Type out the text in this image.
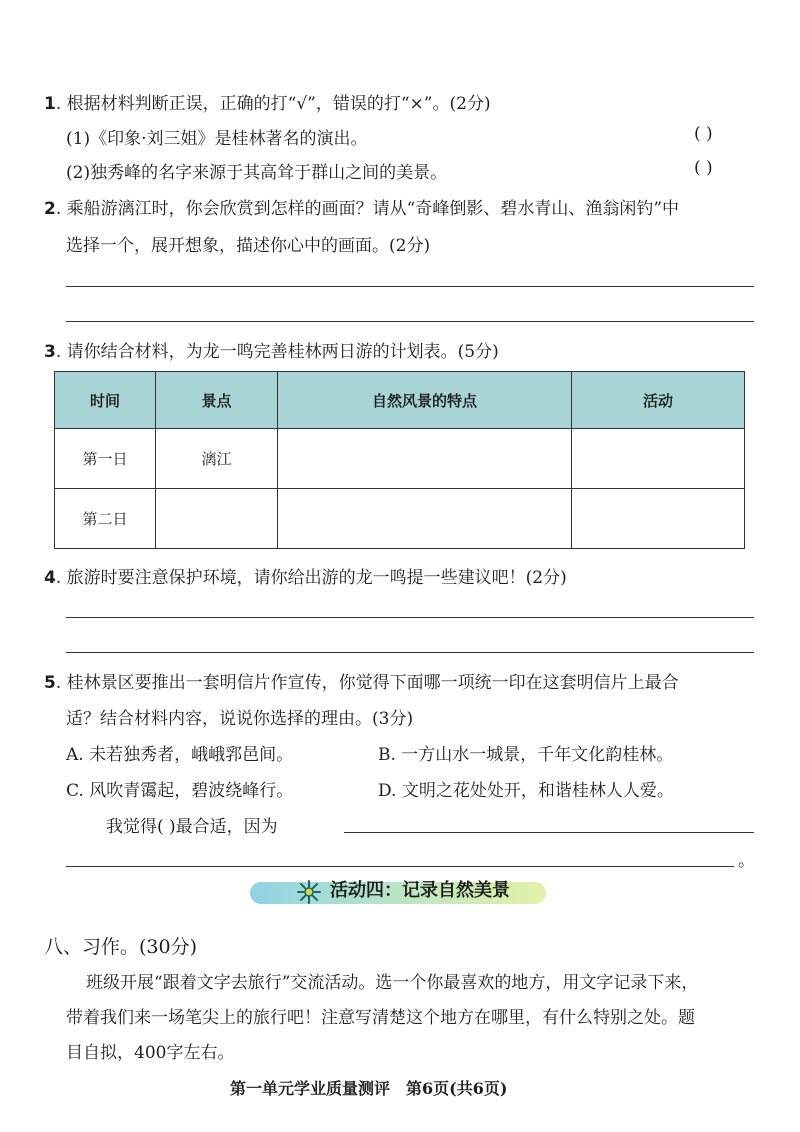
1. 根据材料判断正误，正确的打“√”，错误的打“×”。(2分)
(1)《印象·刘三姐》是桂林著名的演出。	( )
(2)独秀峰的名字来源于其高耸于群山之间的美景。	( )
2. 乘船游漓江时，你会欣赏到怎样的画面？请从“奇峰倒影、碧水青山、渔翁闲钓”中
选择一个，展开想象，描述你心中的画面。(2分)
3. 请你结合材料，为龙一鸣完善桂林两日游的计划表。(5分)
时间	景点	自然风景的特点	活动
第一日	漓江		
第二日			
4. 旅游时要注意保护环境，请你给出游的龙一鸣提一些建议吧！(2分)
5. 桂林景区要推出一套明信片作宣传，你觉得下面哪一项统一印在这套明信片上最合
适？结合材料内容，说说你选择的理由。(3分)
A. 未若独秀者，峨峨郛邑间。	B. 一方山水一城景，千年文化韵桂林。
C. 风吹青霭起，碧波绕峰行。	D. 文明之花处处开，和谐桂林人人爱。
我觉得( )最合适，因为
。
活动四：记录自然美景
八、习作。(30分)
班级开展“跟着文字去旅行”交流活动。选一个你最喜欢的地方，用文字记录下来，
带着我们来一场笔尖上的旅行吧！注意写清楚这个地方在哪里，有什么特别之处。题
目自拟，400字左右。
第一单元学业质量测评　第6页(共6页)
